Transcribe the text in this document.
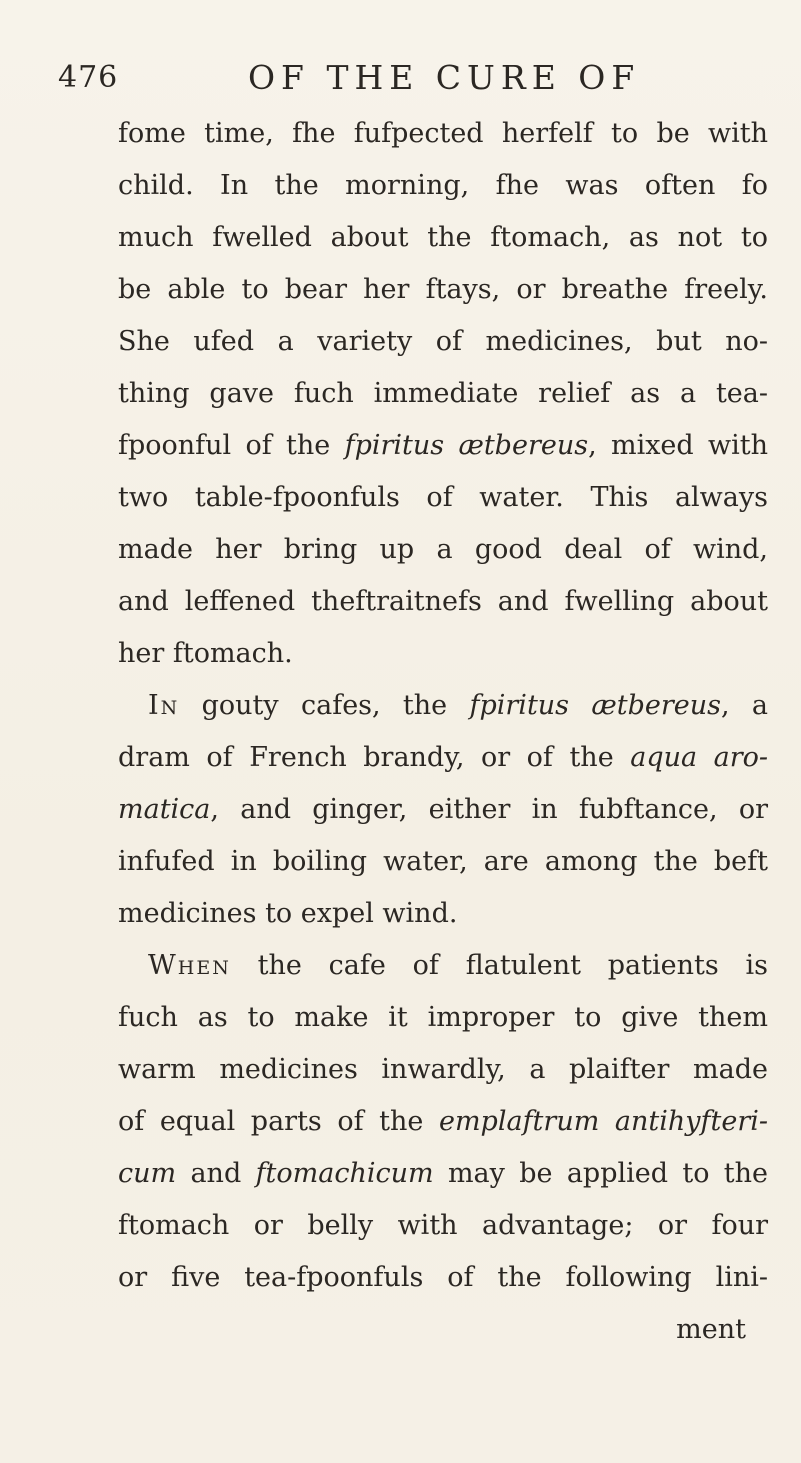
476	OF THE CURE OF
fome time, fhe fufpected herfelf to be with
child. In the morning, fhe was often fo
much fwelled about the ftomach, as not to
be able to bear her ftays, or breathe freely.
She ufed a variety of medicines, but no-
thing gave fuch immediate relief as a tea-
fpoonful of the fpiritus ætbereus, mixed with
two table-fpoonfuls of water. This always
made her bring up a good deal of wind,
and leffened theftraitnefs and fwelling about
her ftomach.
In gouty cafes, the fpiritus ætbereus, a
dram of French brandy, or of the aqua aro-
matica, and ginger, either in fubftance, or
infufed in boiling water, are among the beft
medicines to expel wind.
When the cafe of flatulent patients is
fuch as to make it improper to give them
warm medicines inwardly, a plaifter made
of equal parts of the emplaftrum antihyfteri-
cum and ftomachicum may be applied to the
ftomach or belly with advantage; or four
or five tea-fpoonfuls of the following lini-
ment
